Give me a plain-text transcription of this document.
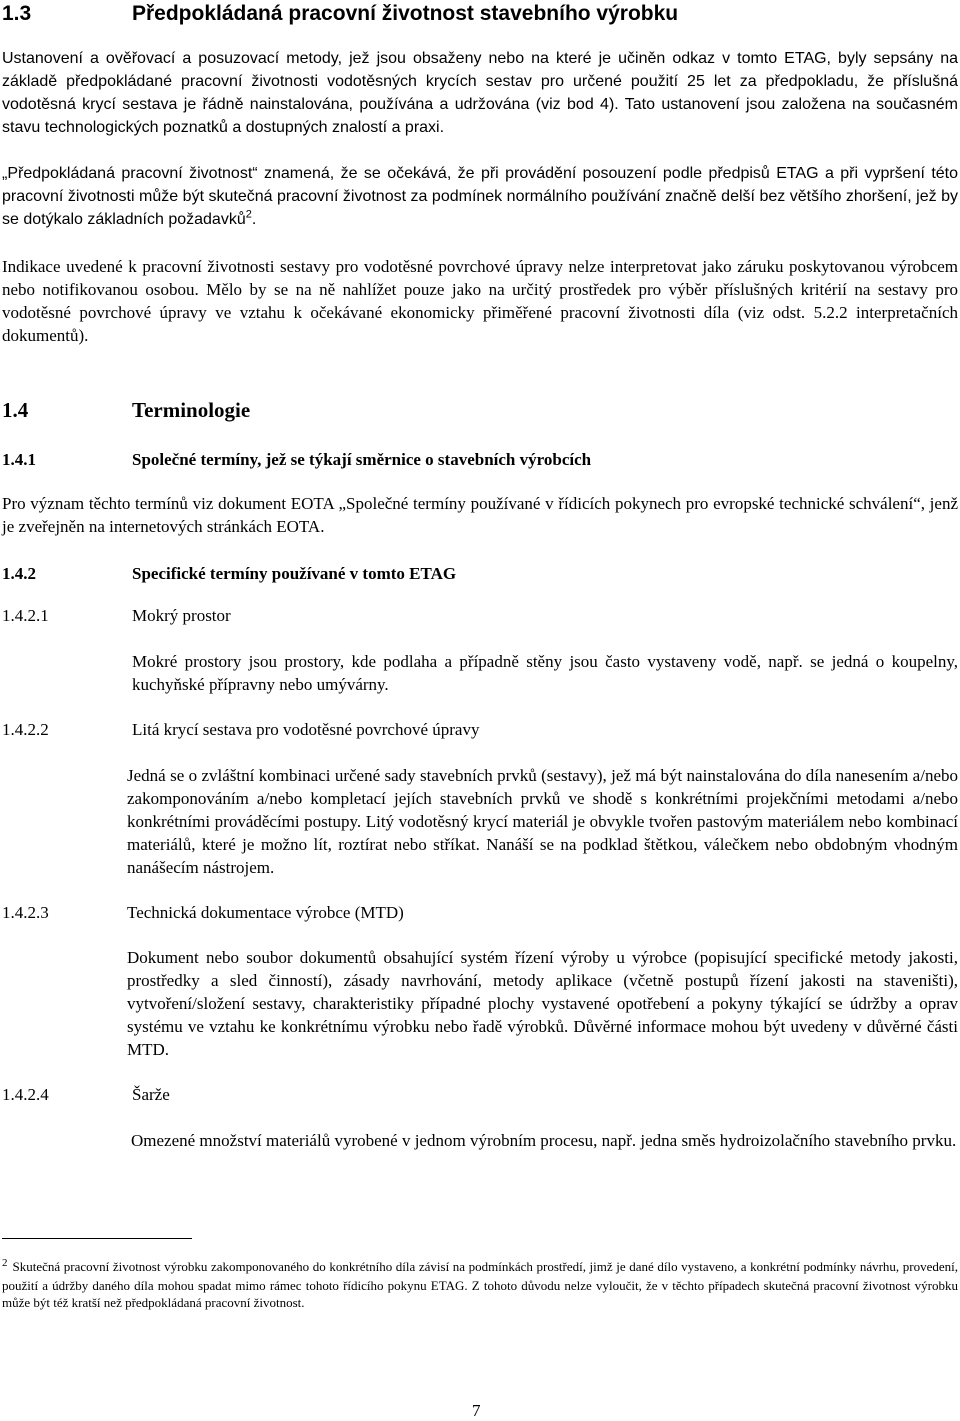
1.3	Předpokládaná pracovní životnost stavebního výrobku
Ustanovení a ověřovací a posuzovací metody, jež jsou obsaženy nebo na které je učiněn odkaz v tomto ETAG, byly sepsány na základě předpokládané pracovní životnosti vodotěsných krycích sestav pro určené použití 25 let za předpokladu, že příslušná vodotěsná krycí sestava je řádně nainstalována, používána a udržována (viz bod 4). Tato ustanovení jsou založena na současném stavu technologických poznatků a dostupných znalostí a praxi.
„Předpokládaná pracovní životnost“ znamená, že se očekává, že při provádění posouzení podle předpisů ETAG a při vypršení této pracovní životnosti může být skutečná pracovní životnost za podmínek normálního používání značně delší bez většího zhoršení, jež by se dotýkalo základních požadavků$^2$.
Indikace uvedené k pracovní životnosti sestavy pro vodotěsné povrchové úpravy nelze interpretovat jako záruku poskytovanou výrobcem nebo notifikovanou osobou. Mělo by se na ně nahlížet pouze jako na určitý prostředek pro výběr příslušných kritérií na sestavy pro vodotěsné povrchové úpravy ve vztahu k očekávané ekonomicky přiměřené pracovní životnosti díla (viz odst. 5.2.2 interpretačních dokumentů).
1.4	Terminologie
1.4.1	Společné termíny, jež se týkají směrnice o stavebních výrobcích
Pro význam těchto termínů viz dokument EOTA „Společné termíny používané v řídicích pokynech pro evropské technické schválení“, jenž je zveřejněn na internetových stránkách EOTA.
1.4.2	Specifické termíny používané v tomto ETAG
1.4.2.1	Mokrý prostor
Mokré prostory jsou prostory, kde podlaha a případně stěny jsou často vystaveny vodě, např. se jedná o koupelny, kuchyňské přípravny nebo umývárny.
1.4.2.2	Litá krycí sestava pro vodotěsné povrchové úpravy
Jedná se o zvláštní kombinaci určené sady stavebních prvků (sestavy), jež má být nainstalována do díla nanesením a/nebo zakomponováním a/nebo kompletací jejích stavebních prvků ve shodě s konkrétními projekčními metodami a/nebo konkrétními prováděcími postupy. Litý vodotěsný krycí materiál je obvykle tvořen pastovým materiálem nebo kombinací materiálů, které je možno lít, roztírat nebo stříkat. Nanáší se na podklad štětkou, válečkem nebo obdobným vhodným nanášecím nástrojem.
1.4.2.3	Technická dokumentace výrobce (MTD)
Dokument nebo soubor dokumentů obsahující systém řízení výroby u výrobce (popisující specifické metody jakosti, prostředky a sled činností), zásady navrhování, metody aplikace (včetně postupů řízení jakosti na staveništi), vytvoření/složení sestavy, charakteristiky případné plochy vystavené opotřebení a pokyny týkající se údržby a oprav systému ve vztahu ke konkrétnímu výrobku nebo řadě výrobků. Důvěrné informace mohou být uvedeny v důvěrné části MTD.
1.4.2.4	Šarže
Omezené množství materiálů vyrobené v jednom výrobním procesu, např. jedna směs hydroizolačního stavebního prvku.
$^2$ Skutečná pracovní životnost výrobku zakomponovaného do konkrétního díla závisí na podmínkách prostředí, jimž je dané dílo vystaveno, a konkrétní podmínky návrhu, provedení, použití a údržby daného díla mohou spadat mimo rámec tohoto řídicího pokynu ETAG. Z tohoto důvodu nelze vyloučit, že v těchto případech skutečná pracovní životnost výrobku může být též kratší než předpokládaná pracovní životnost.
7
